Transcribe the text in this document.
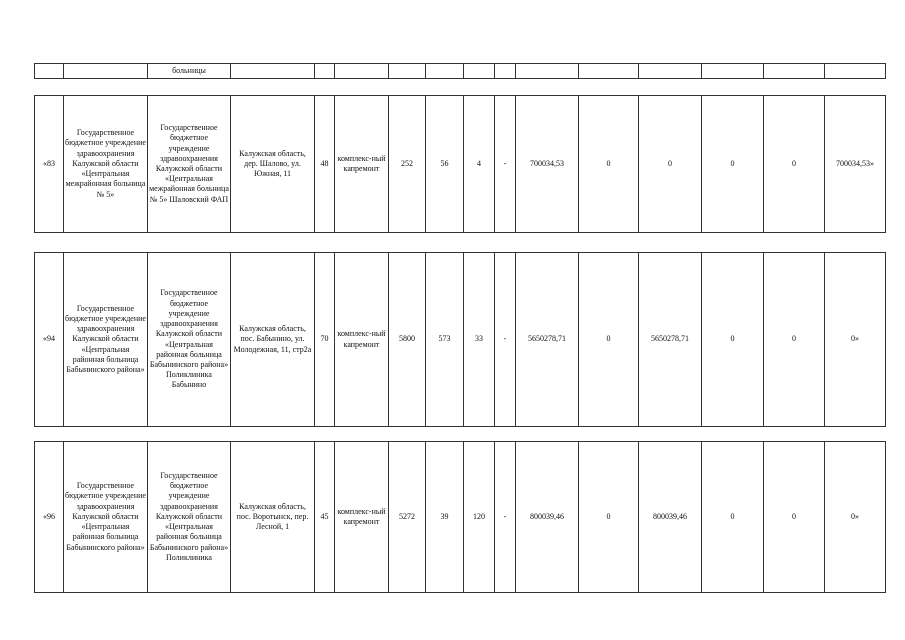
		больницы													
«83	Государственное бюджетное учреждение здравоохранения Калужской области «Центральная межрайонная больница № 5»	Государственное бюджетное учреждение здравоохранения Калужской области «Центральная межрайонная больница № 5» Шаловский ФАП	Калужская область, дер. Шалово, ул. Южная, 11	48	комплекс-ный капремонт	252	56	4	-	700034,53	0	0	0	0	700034,53»
«94	Государственное бюджетное учреждение здравоохранения Калужской области «Центральная районная больница Бабынинского района»	Государственное бюджетное учреждение здравоохранения Калужской области «Центральная районная больница Бабынинского района» Поликлиника Бабынино	Калужская область, пос. Бабынино, ул. Молодежная, 11, стр2а	70	комплекс-ный капремонт	5800	573	33	-	5650278,71	0	5650278,71	0	0	0»
«96	Государственное бюджетное учреждение здравоохранения Калужской области «Центральная районная больница Бабынинского района»	Государственное бюджетное учреждение здравоохранения Калужской области «Центральная районная больница Бабынинского района» Поликлиника	Калужская область, пос. Воротынск, пер. Лесной, 1	45	комплекс-ный капремонт	5272	39	120	-	800039,46	0	800039,46	0	0	0»
